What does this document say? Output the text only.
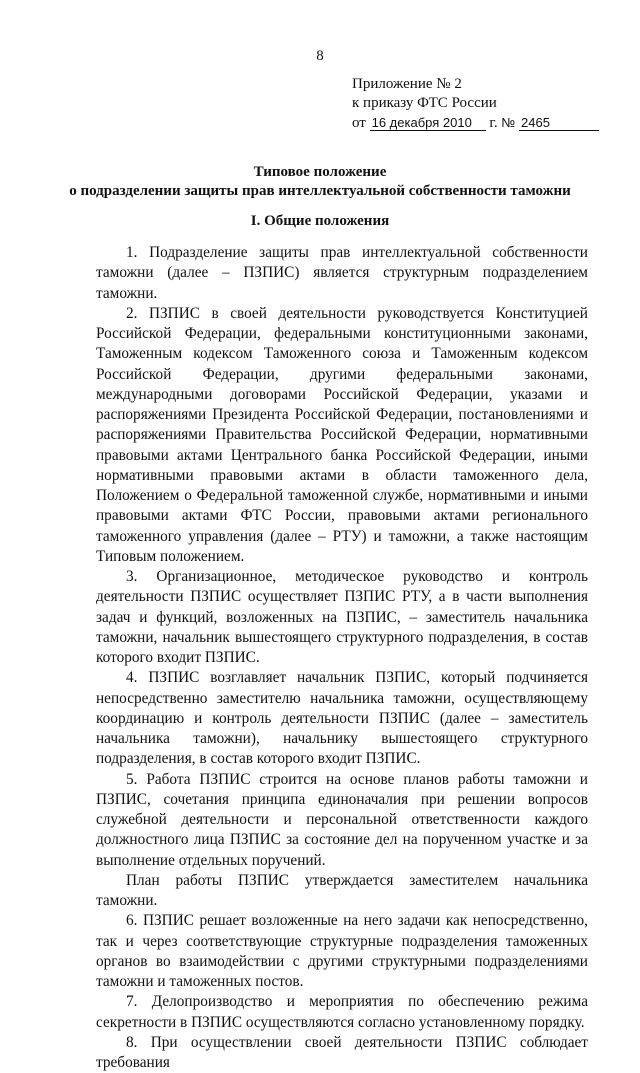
8
Приложение № 2
к приказу ФТС России
от 16 декабря 2010 г. № 2465
Типовое положение
о подразделении защиты прав интеллектуальной собственности таможни
I. Общие положения

1. Подразделение защиты прав интеллектуальной собственности таможни (далее – ПЗПИС) является структурным подразделением таможни.

2. ПЗПИС в своей деятельности руководствуется Конституцией Российской Федерации, федеральными конституционными законами, Таможенным кодексом Таможенного союза и Таможенным кодексом Российской Федерации, другими федеральными законами, международными договорами Российской Федерации, указами и распоряжениями Президента Российской Федерации, постановлениями и распоряжениями Правительства Российской Федерации, нормативными правовыми актами Центрального банка Российской Федерации, иными нормативными правовыми актами в области таможенного дела, Положением о Федеральной таможенной службе, нормативными и иными правовыми актами ФТС России, правовыми актами регионального таможенного управления (далее – РТУ) и таможни, а также настоящим Типовым положением.

3. Организационное, методическое руководство и контроль деятельности ПЗПИС осуществляет ПЗПИС РТУ, а в части выполнения задач и функций, возложенных на ПЗПИС, – заместитель начальника таможни, начальник вышестоящего структурного подразделения, в состав которого входит ПЗПИС.

4. ПЗПИС возглавляет начальник ПЗПИС, который подчиняется непосредственно заместителю начальника таможни, осуществляющему координацию и контроль деятельности ПЗПИС (далее – заместитель начальника таможни), начальнику вышестоящего структурного подразделения, в состав которого входит ПЗПИС.

5. Работа ПЗПИС строится на основе планов работы таможни и ПЗПИС, сочетания принципа единоначалия при решении вопросов служебной деятельности и персональной ответственности каждого должностного лица ПЗПИС за состояние дел на порученном участке и за выполнение отдельных поручений.

План работы ПЗПИС утверждается заместителем начальника таможни.

6. ПЗПИС решает возложенные на него задачи как непосредственно, так и через соответствующие структурные подразделения таможенных органов во взаимодействии с другими структурными подразделениями таможни и таможенных постов.

7. Делопроизводство и мероприятия по обеспечению режима секретности в ПЗПИС осуществляются согласно установленному порядку.

8. При осуществлении своей деятельности ПЗПИС соблюдает требования
